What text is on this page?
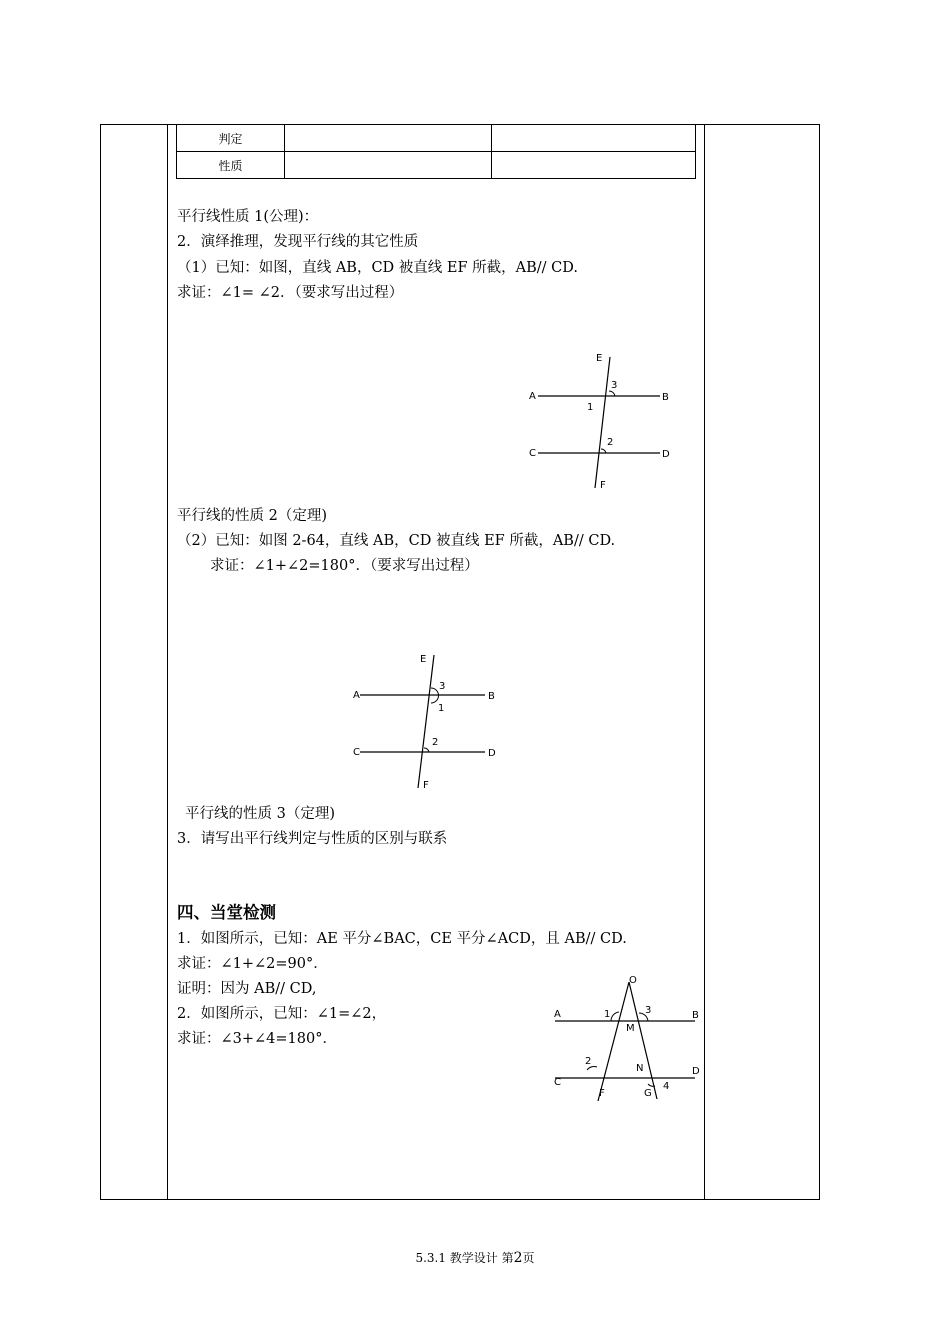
判定		
性质		
平行线性质 1(公理)：
2．演绎推理，发现平行线的其它性质
（1）已知：如图，直线 AB，CD 被直线 EF 所截，AB// CD.
求证：∠1= ∠2．（要求写出过程）
E
A	B
C	D
F
1
2
3
平行线的性质 2（定理)
（2）已知：如图 2-64，直线 AB，CD 被直线 EF 所截，AB// CD.
求证：∠1+∠2=180°．（要求写出过程）
E
A	B
C	D
F
1
2
3
平行线的性质 3（定理)
3．请写出平行线判定与性质的区别与联系
四、当堂检测
1．如图所示，已知：AE 平分∠BAC，CE 平分∠ACD，且 AB// CD.
求证：∠1+∠2=90°．
证明：因为 AB// CD,
2．如图所示，已知：∠1=∠2，
求证：∠3+∠4=180°．
O
A	B
C
D
F	G
M
N
1
2
3
4
5.3.1 教学设计 第2页
